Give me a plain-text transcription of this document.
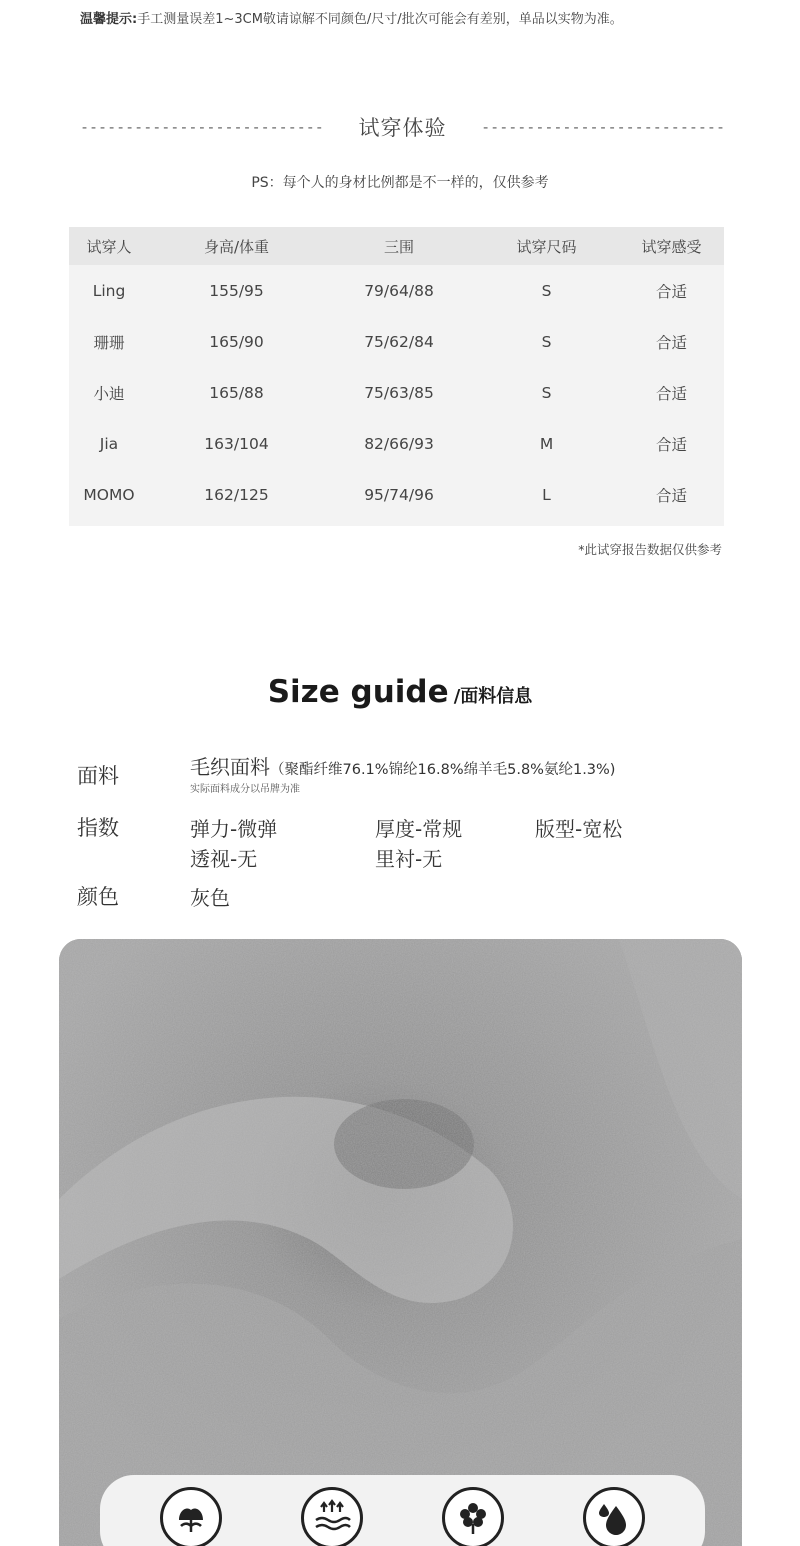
温馨提示:手工测量误差1~3CM敬请谅解不同颜色/尺寸/批次可能会有差别，单品以实物为准。
--------------------------- 试穿体验 ---------------------------
PS：每个人的身材比例都是不一样的，仅供参考
试穿人	身高/体重	三围	试穿尺码	试穿感受
Ling	155/95	79/64/88	S	合适
珊珊	165/90	75/62/84	S	合适
小迪	165/88	75/63/85	S	合适
Jia	163/104	82/66/93	M	合适
MOMO	162/125	95/74/96	L	合适
*此试穿报告数据仅供参考
Size guide /面料信息
面料	毛织面料（聚酯纤维76.1%锦纶16.8%绵羊毛5.8%氨纶1.3%)
实际面料成分以吊牌为准
指数	弹力-微弹	厚度-常规	版型-宽松
透视-无	里衬-无
颜色	灰色
